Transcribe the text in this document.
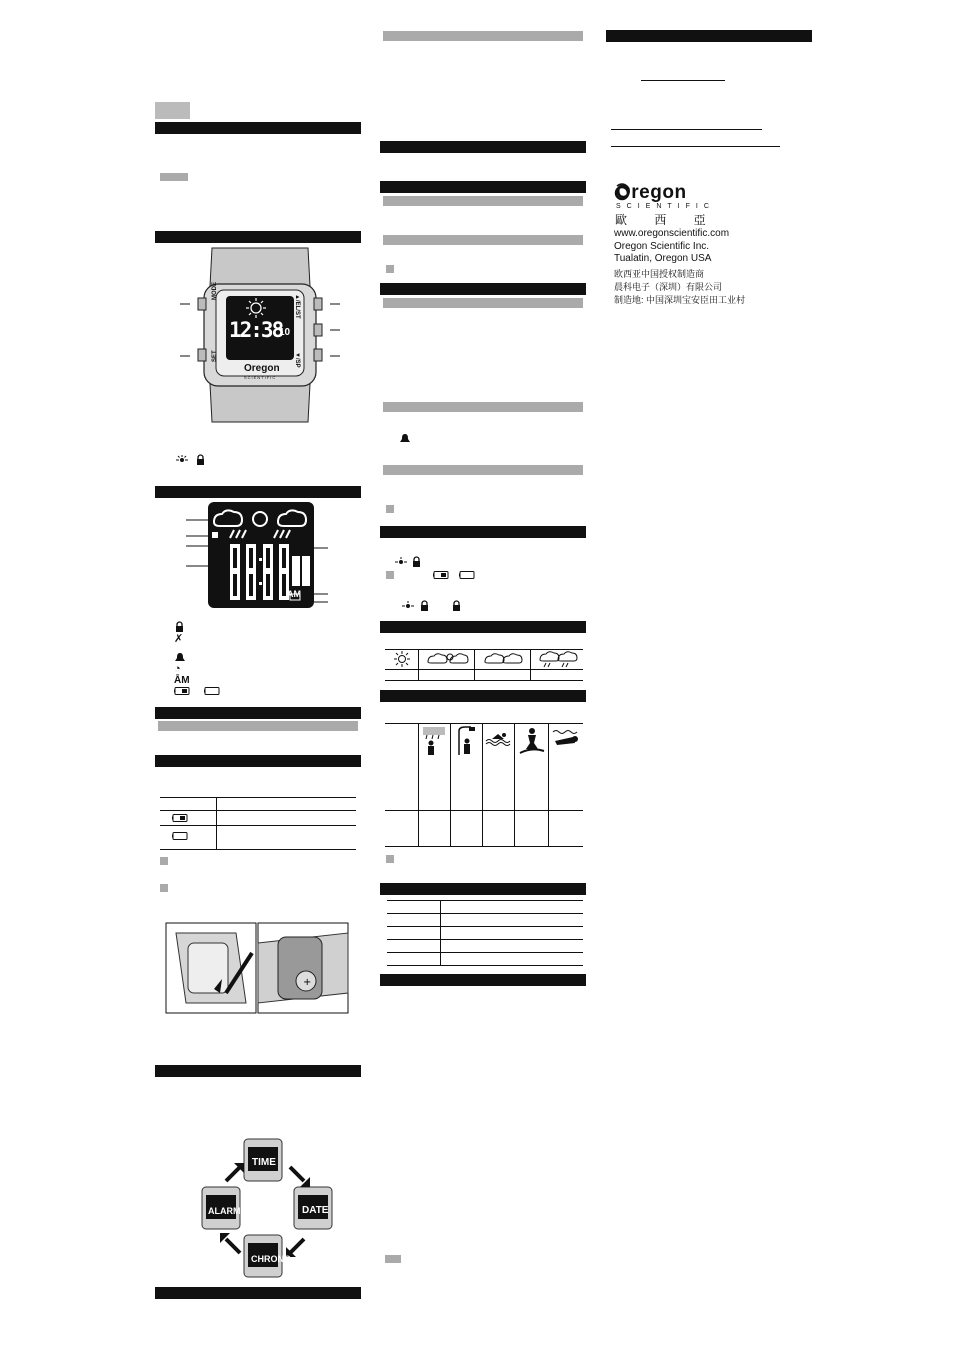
12:38
10
Oregon
SCIENTIFIC
MODE
SET
▲/EL/ST
▼/SP
AM
✗
◔
ĀM
+
TIME
DATE
CHRONO
ALARM
Oregon
SCIENTIFIC
歐 西 亞
www.oregonscientific.com
Oregon Scientific Inc.
Tualatin, Oregon USA
欧西亚中国授权制造商
晨科电子（深圳）有限公司
制造地: 中国深圳宝安臣田工业村
